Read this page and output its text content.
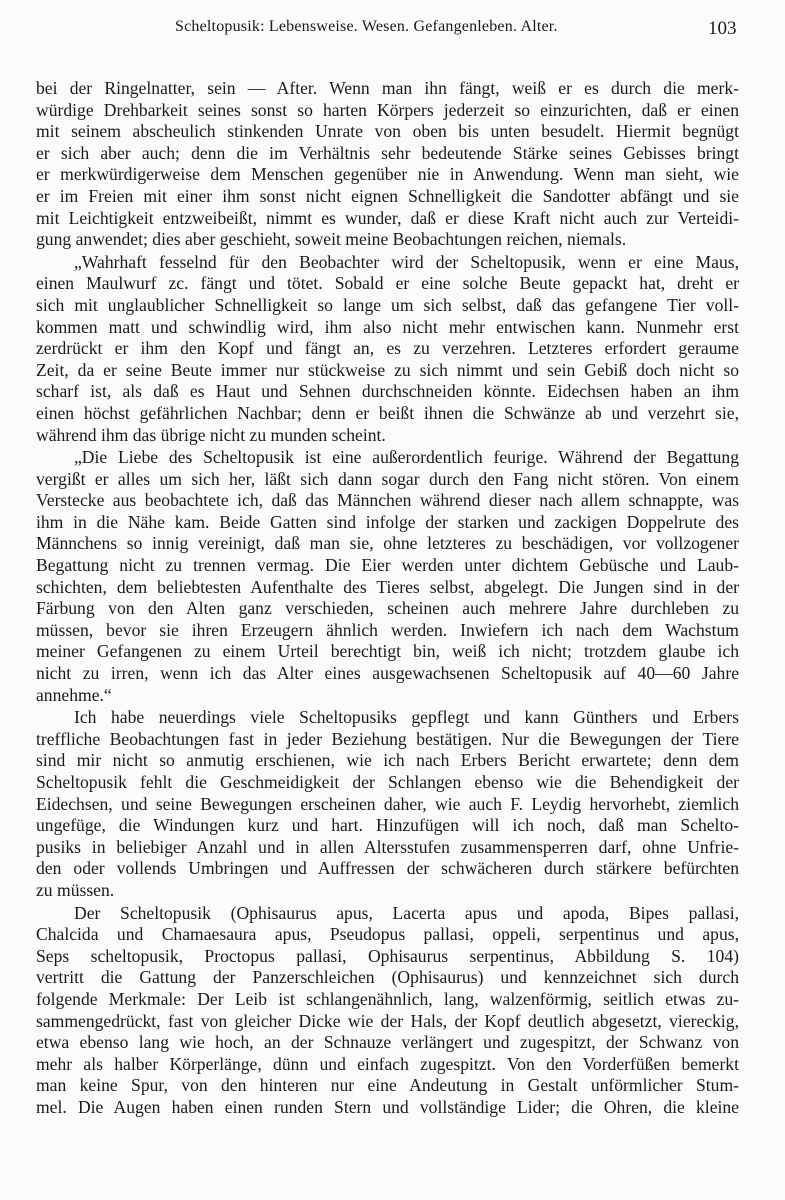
Scheltopusik: Lebensweise. Wesen. Gefangenleben. Alter.	103
bei der Ringelnatter, sein — After. Wenn man ihn fängt, weiß er es durch die merk-
würdige Drehbarkeit seines sonst so harten Körpers jederzeit so einzurichten, daß er einen
mit seinem abscheulich stinkenden Unrate von oben bis unten besudelt. Hiermit begnügt
er sich aber auch; denn die im Verhältnis sehr bedeutende Stärke seines Gebisses bringt
er merkwürdigerweise dem Menschen gegenüber nie in Anwendung. Wenn man sieht, wie
er im Freien mit einer ihm sonst nicht eignen Schnelligkeit die Sandotter abfängt und sie
mit Leichtigkeit entzweibeißt, nimmt es wunder, daß er diese Kraft nicht auch zur Verteidi-
gung anwendet; dies aber geschieht, soweit meine Beobachtungen reichen, niemals.
„Wahrhaft fesselnd für den Beobachter wird der Scheltopusik, wenn er eine Maus,
einen Maulwurf zc. fängt und tötet. Sobald er eine solche Beute gepackt hat, dreht er
sich mit unglaublicher Schnelligkeit so lange um sich selbst, daß das gefangene Tier voll-
kommen matt und schwindlig wird, ihm also nicht mehr entwischen kann. Nunmehr erst
zerdrückt er ihm den Kopf und fängt an, es zu verzehren. Letzteres erfordert geraume
Zeit, da er seine Beute immer nur stückweise zu sich nimmt und sein Gebiß doch nicht so
scharf ist, als daß es Haut und Sehnen durchschneiden könnte. Eidechsen haben an ihm
einen höchst gefährlichen Nachbar; denn er beißt ihnen die Schwänze ab und verzehrt sie,
während ihm das übrige nicht zu munden scheint.
„Die Liebe des Scheltopusik ist eine außerordentlich feurige. Während der Begattung
vergißt er alles um sich her, läßt sich dann sogar durch den Fang nicht stören. Von einem
Verstecke aus beobachtete ich, daß das Männchen während dieser nach allem schnappte, was
ihm in die Nähe kam. Beide Gatten sind infolge der starken und zackigen Doppelrute des
Männchens so innig vereinigt, daß man sie, ohne letzteres zu beschädigen, vor vollzogener
Begattung nicht zu trennen vermag. Die Eier werden unter dichtem Gebüsche und Laub-
schichten, dem beliebtesten Aufenthalte des Tieres selbst, abgelegt. Die Jungen sind in der
Färbung von den Alten ganz verschieden, scheinen auch mehrere Jahre durchleben zu
müssen, bevor sie ihren Erzeugern ähnlich werden. Inwiefern ich nach dem Wachstum
meiner Gefangenen zu einem Urteil berechtigt bin, weiß ich nicht; trotzdem glaube ich
nicht zu irren, wenn ich das Alter eines ausgewachsenen Scheltopusik auf 40—60 Jahre
annehme.“
Ich habe neuerdings viele Scheltopusiks gepflegt und kann Günthers und Erbers
treffliche Beobachtungen fast in jeder Beziehung bestätigen. Nur die Bewegungen der Tiere
sind mir nicht so anmutig erschienen, wie ich nach Erbers Bericht erwartete; denn dem
Scheltopusik fehlt die Geschmeidigkeit der Schlangen ebenso wie die Behendigkeit der
Eidechsen, und seine Bewegungen erscheinen daher, wie auch F. Leydig hervorhebt, ziemlich
ungefüge, die Windungen kurz und hart. Hinzufügen will ich noch, daß man Schelto-
pusiks in beliebiger Anzahl und in allen Altersstufen zusammensperren darf, ohne Unfrie-
den oder vollends Umbringen und Auffressen der schwächeren durch stärkere befürchten
zu müssen.
Der Scheltopusik (Ophisaurus apus, Lacerta apus und apoda, Bipes pallasi,
Chalcida und Chamaesaura apus, Pseudopus pallasi, oppeli, serpentinus und apus,
Seps scheltopusik, Proctopus pallasi, Ophisaurus serpentinus, Abbildung S. 104)
vertritt die Gattung der Panzerschleichen (Ophisaurus) und kennzeichnet sich durch
folgende Merkmale: Der Leib ist schlangenähnlich, lang, walzenförmig, seitlich etwas zu-
sammengedrückt, fast von gleicher Dicke wie der Hals, der Kopf deutlich abgesetzt, viereckig,
etwa ebenso lang wie hoch, an der Schnauze verlängert und zugespitzt, der Schwanz von
mehr als halber Körperlänge, dünn und einfach zugespitzt. Von den Vorderfüßen bemerkt
man keine Spur, von den hinteren nur eine Andeutung in Gestalt unförmlicher Stum-
mel. Die Augen haben einen runden Stern und vollständige Lider; die Ohren, die kleine
